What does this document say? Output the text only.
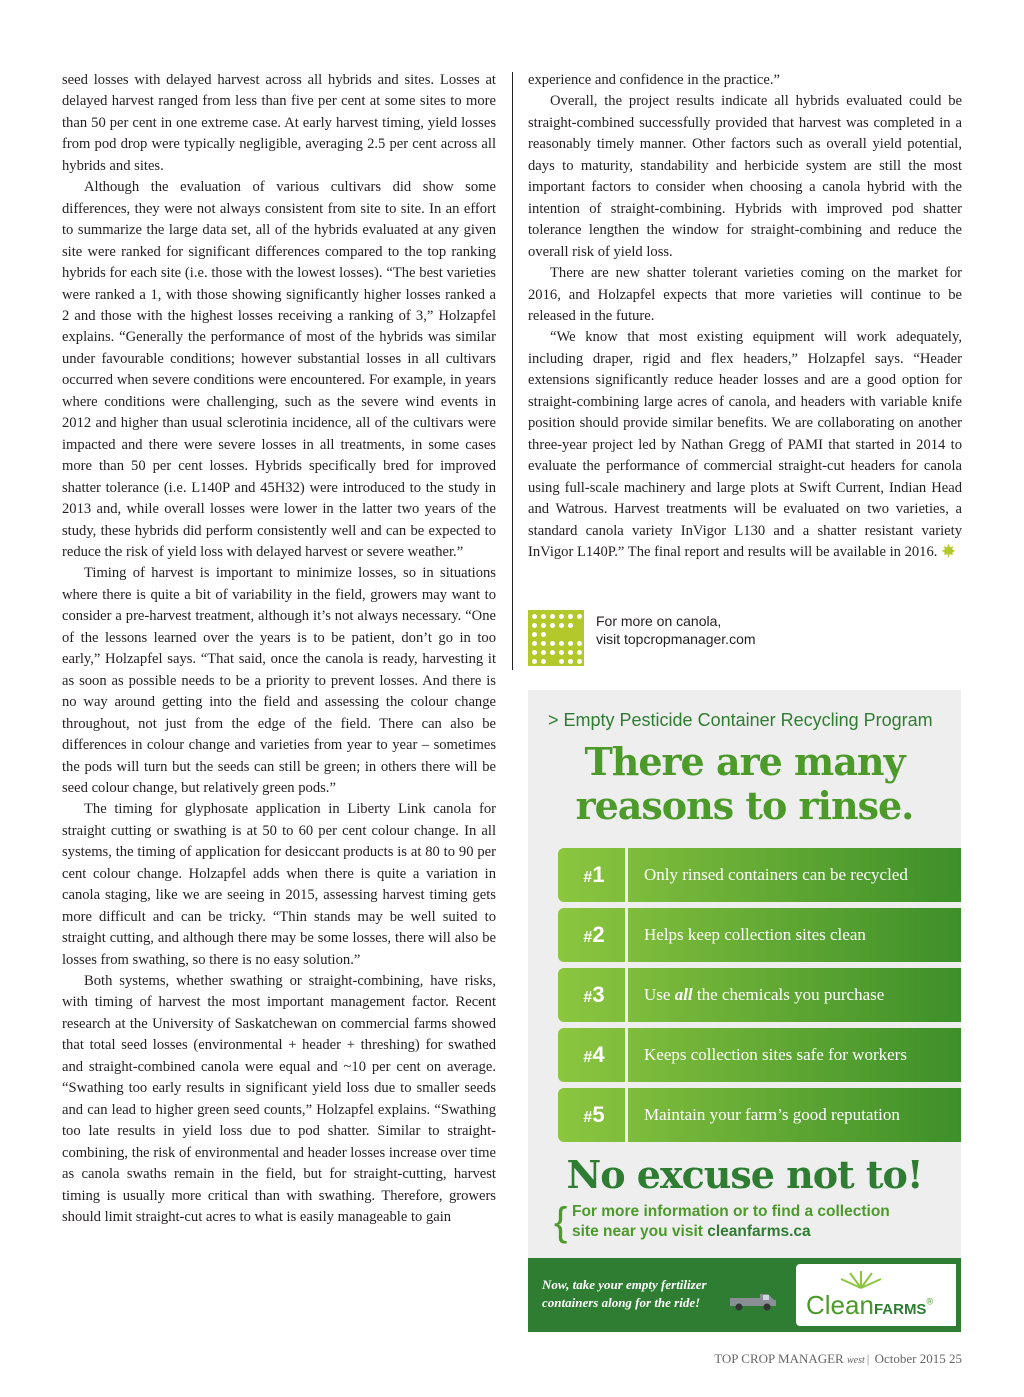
seed losses with delayed harvest across all hybrids and sites. Losses at delayed harvest ranged from less than five per cent at some sites to more than 50 per cent in one extreme case. At early harvest timing, yield losses from pod drop were typically negligible, averaging 2.5 per cent across all hybrids and sites.

Although the evaluation of various cultivars did show some differences, they were not always consistent from site to site. In an effort to summarize the large data set, all of the hybrids evaluated at any given site were ranked for significant differences compared to the top ranking hybrids for each site (i.e. those with the lowest losses). “The best varieties were ranked a 1, with those showing significantly higher losses ranked a 2 and those with the highest losses receiving a ranking of 3,” Holzapfel explains. “Generally the performance of most of the hybrids was similar under favourable conditions; however substantial losses in all cultivars occurred when severe conditions were encountered. For example, in years where conditions were challenging, such as the severe wind events in 2012 and higher than usual sclerotinia incidence, all of the cultivars were impacted and there were severe losses in all treatments, in some cases more than 50 per cent losses. Hybrids specifically bred for improved shatter tolerance (i.e. L140P and 45H32) were introduced to the study in 2013 and, while overall losses were lower in the latter two years of the study, these hybrids did perform consistently well and can be expected to reduce the risk of yield loss with delayed harvest or severe weather.”

Timing of harvest is important to minimize losses, so in situations where there is quite a bit of variability in the field, growers may want to consider a pre-harvest treatment, although it’s not always necessary. “One of the lessons learned over the years is to be patient, don’t go in too early,” Holzapfel says. “That said, once the canola is ready, harvesting it as soon as possible needs to be a priority to prevent losses. And there is no way around getting into the field and assessing the colour change throughout, not just from the edge of the field. There can also be differences in colour change and varieties from year to year – sometimes the pods will turn but the seeds can still be green; in others there will be seed colour change, but relatively green pods.”

The timing for glyphosate application in Liberty Link canola for straight cutting or swathing is at 50 to 60 per cent colour change. In all systems, the timing of application for desiccant products is at 80 to 90 per cent colour change. Holzapfel adds when there is quite a variation in canola staging, like we are seeing in 2015, assessing harvest timing gets more difficult and can be tricky. “Thin stands may be well suited to straight cutting, and although there may be some losses, there will also be losses from swathing, so there is no easy solution.”

Both systems, whether swathing or straight-combining, have risks, with timing of harvest the most important management factor. Recent research at the University of Saskatchewan on commercial farms showed that total seed losses (environmental + header + threshing) for swathed and straight-combined canola were equal and ~10 per cent on average. “Swathing too early results in significant yield loss due to smaller seeds and can lead to higher green seed counts,” Holzapfel explains. “Swathing too late results in yield loss due to pod shatter. Similar to straight-combining, the risk of environmental and header losses increase over time as canola swaths remain in the field, but for straight-cutting, harvest timing is usually more critical than with swathing. Therefore, growers should limit straight-cut acres to what is easily manageable to gain

experience and confidence in the practice.”

Overall, the project results indicate all hybrids evaluated could be straight-combined successfully provided that harvest was completed in a reasonably timely manner. Other factors such as overall yield potential, days to maturity, standability and herbicide system are still the most important factors to consider when choosing a canola hybrid with the intention of straight-combining. Hybrids with improved pod shatter tolerance lengthen the window for straight-combining and reduce the overall risk of yield loss.

There are new shatter tolerant varieties coming on the market for 2016, and Holzapfel expects that more varieties will continue to be released in the future.

“We know that most existing equipment will work adequately, including draper, rigid and flex headers,” Holzapfel says. “Header extensions significantly reduce header losses and are a good option for straight-combining large acres of canola, and headers with variable knife position should provide similar benefits. We are collaborating on another three-year project led by Nathan Gregg of PAMI that started in 2014 to evaluate the performance of commercial straight-cut headers for canola using full-scale machinery and large plots at Swift Current, Indian Head and Watrous. Harvest treatments will be evaluated on two varieties, a standard canola variety InVigor L130 and a shatter resistant variety InVigor L140P.” The final report and results will be available in 2016.

For more on canola,
visit topcropmanager.com
> Empty Pesticide Container Recycling Program
There are many
reasons to rinse.
#1	Only rinsed containers can be recycled
#2	Helps keep collection sites clean
#3	Use all the chemicals you purchase
#4	Keeps collection sites safe for workers
#5	Maintain your farm’s good reputation
No excuse not to!
{ For more information or to find a collection
site near you visit cleanfarms.ca
Now, take your empty fertilizer
containers along for the ride!	CleanFARMS®
TOP CROP MANAGER west | October 2015 25
